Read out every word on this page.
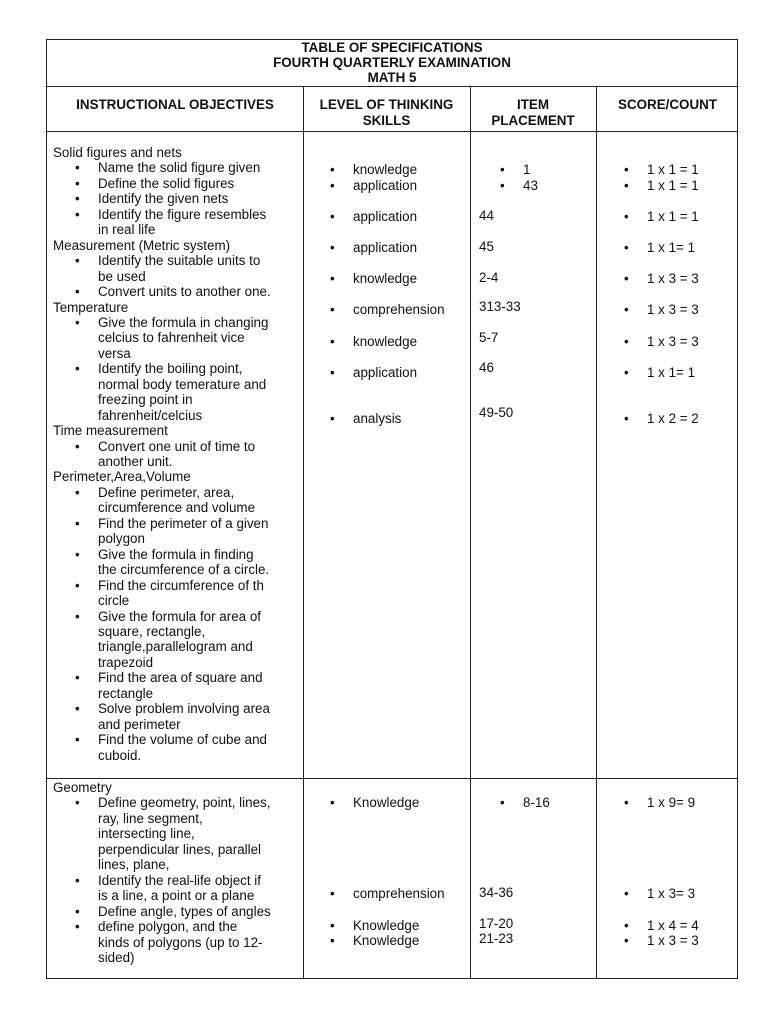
TABLE OF SPECIFICATIONS
FOURTH QUARTERLY EXAMINATION
MATH 5
INSTRUCTIONAL OBJECTIVES	LEVEL OF THINKING
SKILLS
ITEM
PLACEMENT
SCORE/COUNT
Solid figures and nets
• Name the solid figure given
• Define the solid figures
• Identify the given nets
• Identify the figure resembles
in real life
Measurement (Metric system)
• Identify the suitable units to
be used
• Convert units to another one.
Temperature
• Give the formula in changing
celcius to fahrenheit vice
versa
• Identify the boiling point,
normal body temerature and
freezing point in
fahrenheit/celcius
Time measurement
• Convert one unit of time to
another unit.
Perimeter,Area,Volume
• Define perimeter, area,
circumference and volume
• Find the perimeter of a given
polygon
• Give the formula in finding
the circumference of a circle.
• Find the circumference of th
circle
• Give the formula for area of
square, rectangle,
triangle,parallelogram and
trapezoid
• Find the area of square and
rectangle
• Solve problem involving area
and perimeter
• Find the volume of cube and
cuboid.
• knowledge
• application
• application
• application
• knowledge
• comprehension
• knowledge
• application
• analysis
• 1
• 43
44
45
2-4
313-33
5-7
46
49-50
• 1 x 1 = 1
• 1 x 1 = 1
• 1 x 1 = 1
• 1 x 1= 1
• 1 x 3 = 3
• 1 x 3 = 3
• 1 x 3 = 3
• 1 x 1= 1
• 1 x 2 = 2
Geometry
• Define geometry, point, lines,
ray, line segment,
intersecting line,
perpendicular lines, parallel
lines, plane,
• Identify the real-life object if
is a line, a point or a plane
• Define angle, types of angles
• define polygon, and the
kinds of polygons (up to 12-
sided)
• Knowledge
• comprehension
• Knowledge
• Knowledge
• 8-16
34-36
17-20
21-23
• 1 x 9= 9
• 1 x 3= 3
• 1 x 4 = 4
• 1 x 3 = 3
